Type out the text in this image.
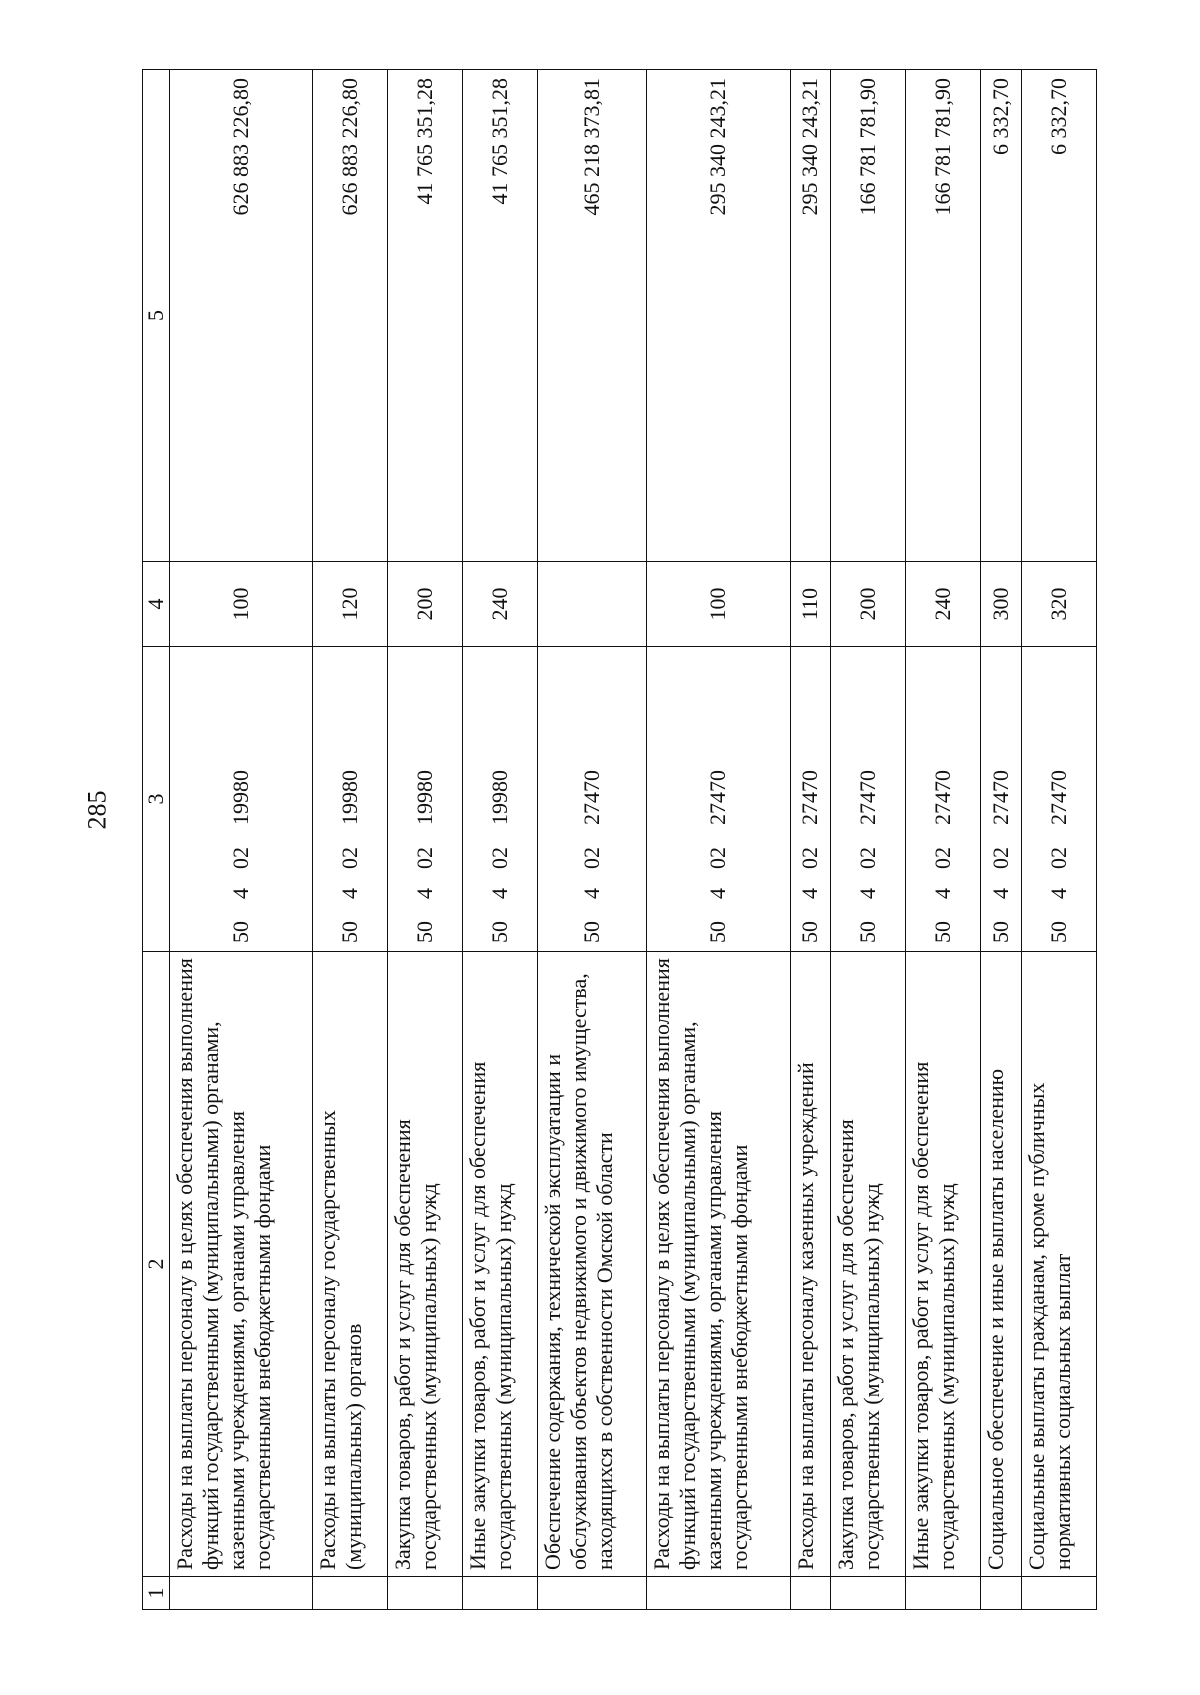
285
1	2	3	4	5
	Расходы на выплаты персоналу в целях обеспечения выполнения функций государственными (муниципальными) органами, казенными учреждениями, органами управления государственными внебюджетными фондами	5040219980	100	626 883 226,80
	Расходы на выплаты персоналу государственных (муниципальных) органов	5040219980	120	626 883 226,80
	Закупка товаров, работ и услуг для обеспечения государственных (муниципальных) нужд	5040219980	200	41 765 351,28
	Иные закупки товаров, работ и услуг для обеспечения государственных (муниципальных) нужд	5040219980	240	41 765 351,28
	Обеспечение содержания, технической эксплуатации и обслуживания объектов недвижимого и движимого имущества, находящихся в собственности Омской области	5040227470		465 218 373,81
	Расходы на выплаты персоналу в целях обеспечения выполнения функций государственными (муниципальными) органами, казенными учреждениями, органами управления государственными внебюджетными фондами	5040227470	100	295 340 243,21
	Расходы на выплаты персоналу казенных учреждений	5040227470	110	295 340 243,21
	Закупка товаров, работ и услуг для обеспечения государственных (муниципальных) нужд	5040227470	200	166 781 781,90
	Иные закупки товаров, работ и услуг для обеспечения государственных (муниципальных) нужд	5040227470	240	166 781 781,90
	Социальное обеспечение и иные выплаты населению	5040227470	300	6 332,70
	Социальные выплаты гражданам, кроме публичных нормативных социальных выплат	5040227470	320	6 332,70
